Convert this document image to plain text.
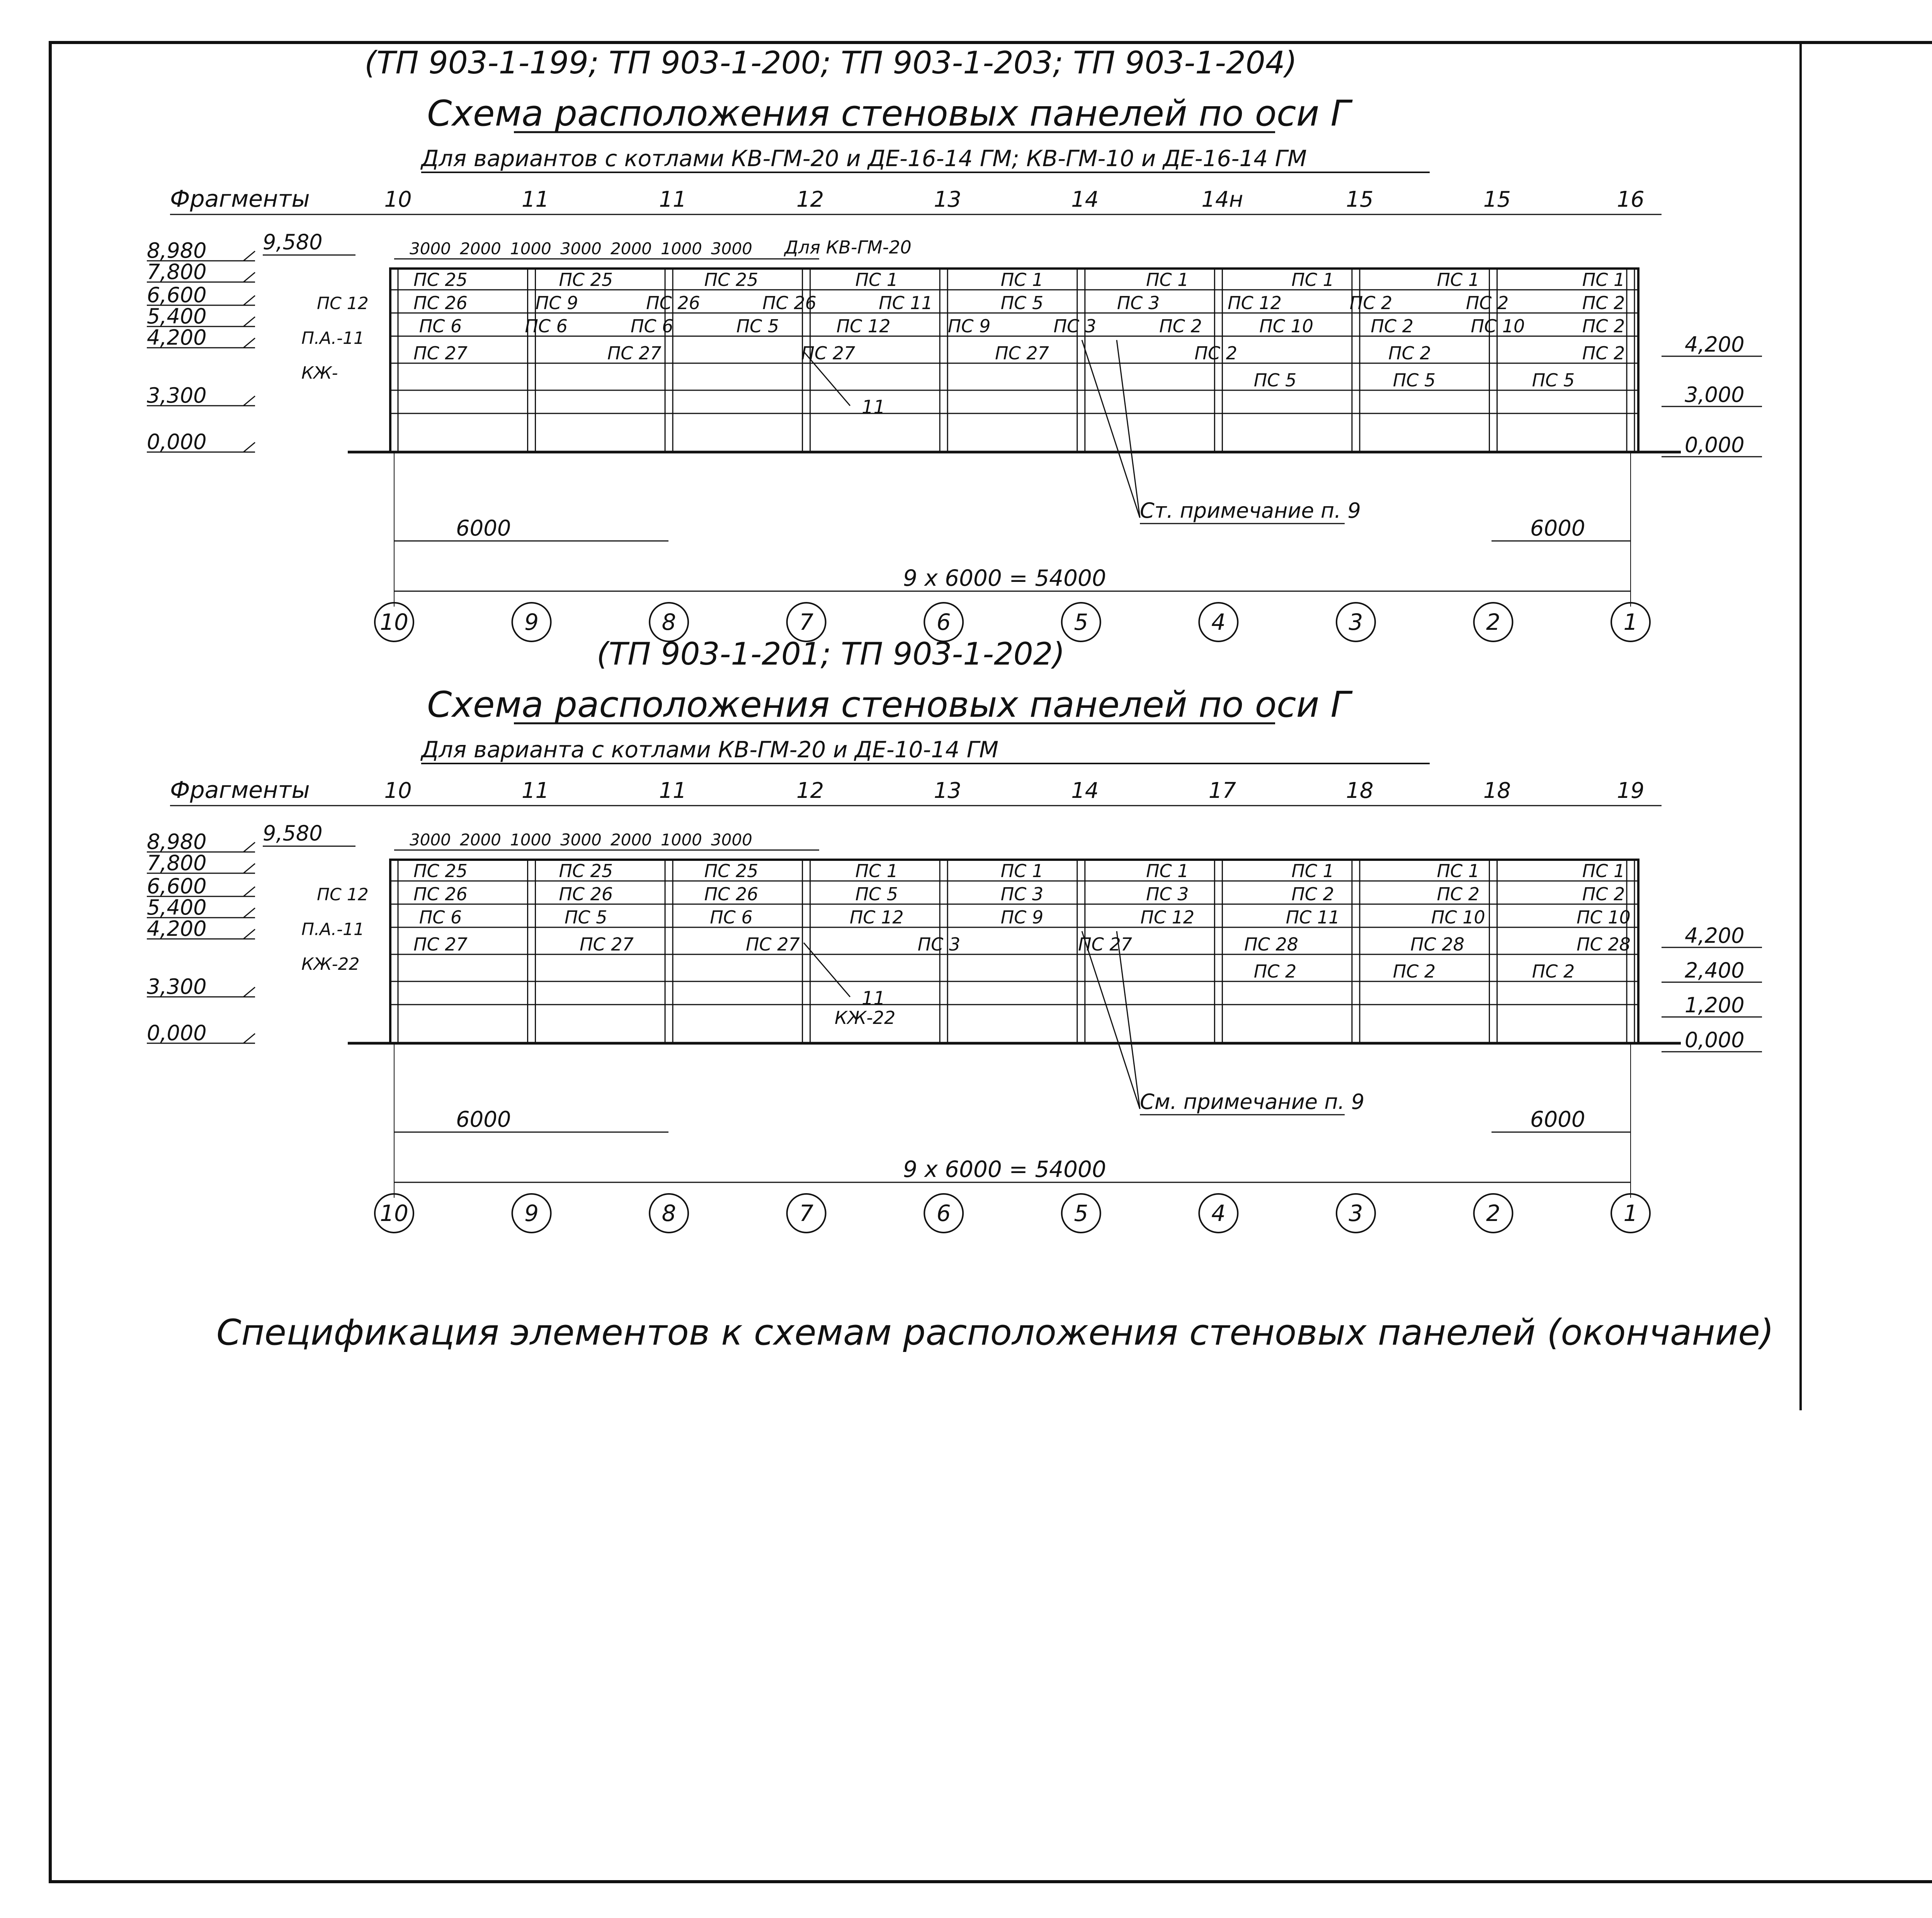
(ТП 903-1-199; ТП 903-1-200; ТП 903-1-203; ТП 903-1-204)
Схема расположения стеновых панелей по оси Г
Для вариантов с котлами КВ-ГМ-20 и ДЕ-16-14 ГМ; КВ-ГМ-10 и ДЕ-16-14 ГМ
Фрагменты	10	11	11	12	13	14	14н	15	15	16
8,980
7,800
6,600
5,400
4,200
3,300
0,000
9,580	3000 2000 1000 3000 2000 1000 3000 Для КВ-ГМ-20
ПС 25	ПС 25	ПС 25	ПС 1	ПС 1	ПС 1	ПС 1	ПС 1	ПС 1
ПС 26	ПС 9	ПС 26	ПС 26	ПС 11	ПС 5	ПС 3	ПС 12	ПС 2	ПС 2	ПС 2
ПС 6	ПС 6	ПС 6	ПС 5	ПС 12	ПС 9	ПС 3	ПС 2	ПС 10	ПС 2	ПС 10	ПС 2
ПС 27	ПС 27	ПС 27	ПС 27	ПС 2	ПС 2	ПС 2
ПС 5	ПС 5	ПС 5
ПС 12
П.А.-11
КЖ-
4,200
3,000
0,000
11
Ст. примечание п. 9
6000	6000
9 х 6000 = 54000
10	9	8	7	6	5	4	3	2	1
(ТП 903-1-201; ТП 903-1-202)
Схема расположения стеновых панелей по оси Г
Для варианта с котлами КВ-ГМ-20 и ДЕ-10-14 ГМ
Фрагменты	10	11	11	12	13	14	17	18	18	19
8,980
7,800
6,600
5,400
4,200
3,300
0,000
9,580	3000 2000 1000 3000 2000 1000 3000
ПС 25	ПС 25	ПС 25	ПС 1	ПС 1	ПС 1	ПС 1	ПС 1	ПС 1
ПС 26	ПС 26	ПС 26	ПС 5	ПС 3	ПС 3	ПС 2	ПС 2	ПС 2
ПС 6	ПС 5	ПС 6	ПС 12	ПС 9	ПС 12	ПС 11	ПС 10	ПС 10
ПС 27	ПС 27	ПС 27	ПС 3	ПС 27	ПС 28	ПС 28	ПС 28
ПС 2	ПС 2	ПС 2
ПС 12
П.А.-11
КЖ-22
4,200
2,400
1,200
0,000
11
КЖ-22
См. примечание п. 9
6000	6000
9 х 6000 = 54000
10	9	8	7	6	5	4	3	2	1
Спецификация элементов к схемам расположения стеновых панелей (окончание)
